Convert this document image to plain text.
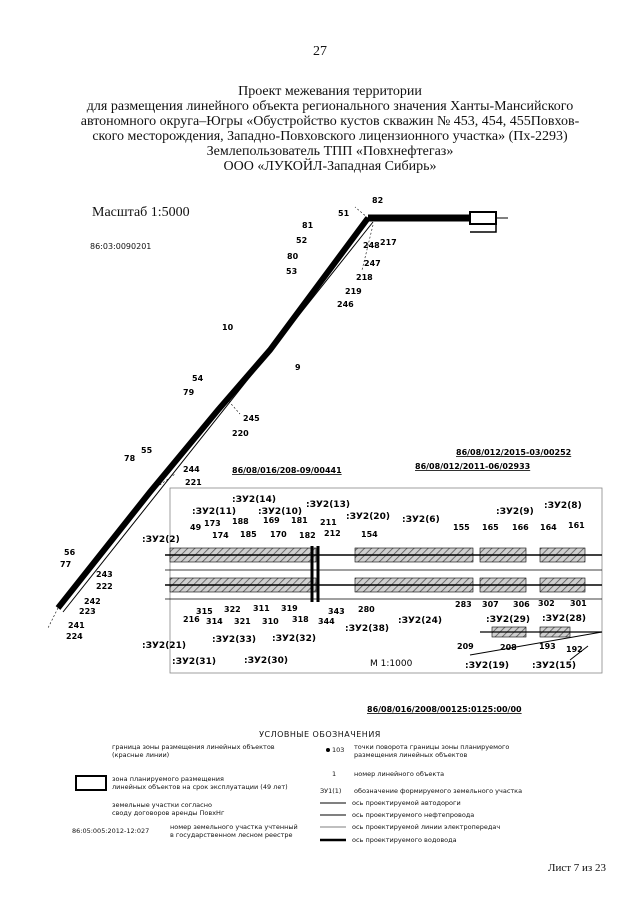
27
Проект межевания территории
для размещения линейного объекта регионального значения Ханты-Мансийского
автономного округа–Югры «Обустройство кустов скважин № 453, 454, 455Повхов-
ского месторождения, Западно-Повховского лицензионного участка» (Пх-2293)
Землепользователь ТПП «Повхнефтегаз»
ООО «ЛУКОЙЛ-Западная Сибирь»
Масштаб 1:5000
86:03:0090201
82
51
81
52
80
53
248 217
247
218
219
246
10
9
54
79
245
220
55
78
244
221
56
77
243
222
242
223
241
224
49 173 188 169 181 211
174 185 170 182 212	154
155 165 166 164 161
216
315
314
322
321
311
310
319
318
343
344
280
283 307 306 302 301
209	208	193 192
:ЗУ2(14)	:ЗУ2(13)
:ЗУ2(11) :ЗУ2(10)	:ЗУ2(20) :ЗУ2(6)
:ЗУ2(9)
:ЗУ2(8)
:ЗУ2(2)
:ЗУ2(33) :ЗУ2(32)
:ЗУ2(38)
:ЗУ2(24)	:ЗУ2(29) :ЗУ2(28)
:ЗУ2(21)
:ЗУ2(31)	:ЗУ2(30)	:ЗУ2(19)	:ЗУ2(15)
М 1:1000
86/08/012/2015-03/00252
86/08/016/208-09/00441	86/08/012/2011-06/02933
86/08/016/2008/00125:0125:00/00
УСЛОВНЫЕ ОБОЗНАЧЕНИЯ
граница зоны размещения линейных объектов
(красные линии)
зона планируемого размещения
линейных объектов на срок эксплуатации (49 лет)
земельные участки согласно
своду договоров аренды ПовхНг
86:05:005:2012-12:027	номер земельного участка учтенный
в государственном лесном реестре
103 точки поворота границы зоны планируемого
размещения линейных объектов
1	номер линейного объекта
ЗУ1(1) обозначение формируемого земельного участка
ось проектируемой автодороги
ось проектируемого нефтепровода
ось проектируемой линии электропередач
ось проектируемого водовода
Лист 7 из 23
